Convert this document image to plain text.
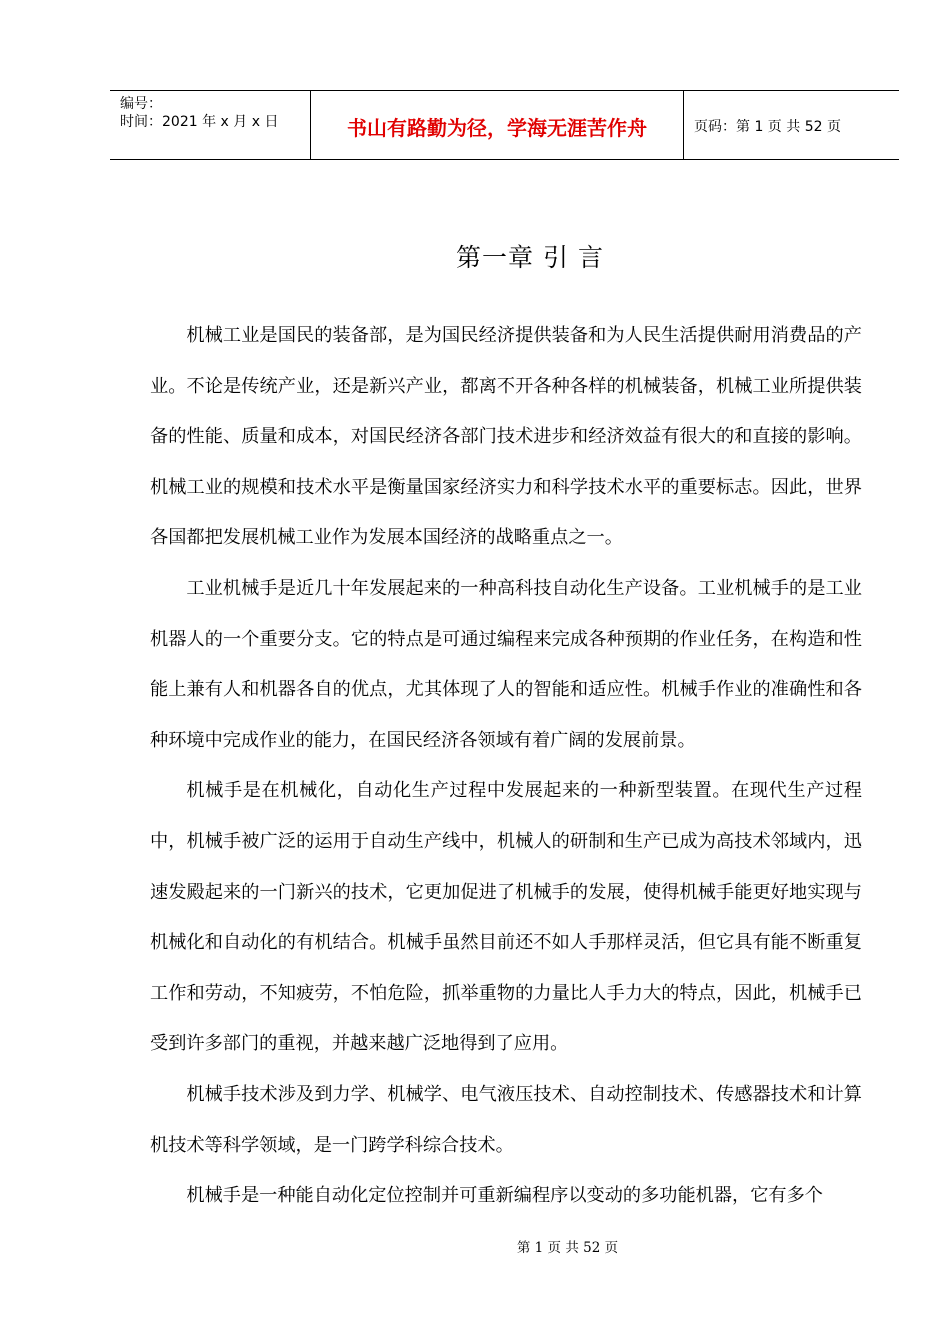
编号：
时间：2021 年 x 月 x 日	书山有路勤为径，学海无涯苦作舟	页码：第 1 页 共 52 页
第一章 引 言

机械工业是国民的装备部，是为国民经济提供装备和为人民生活提供耐用消费品的产业。不论是传统产业，还是新兴产业，都离不开各种各样的机械装备，机械工业所提供装备的性能、质量和成本，对国民经济各部门技术进步和经济效益有很大的和直接的影响。机械工业的规模和技术水平是衡量国家经济实力和科学技术水平的重要标志。因此，世界各国都把发展机械工业作为发展本国经济的战略重点之一。

工业机械手是近几十年发展起来的一种高科技自动化生产设备。工业机械手的是工业机器人的一个重要分支。它的特点是可通过编程来完成各种预期的作业任务，在构造和性能上兼有人和机器各自的优点，尤其体现了人的智能和适应性。机械手作业的准确性和各种环境中完成作业的能力，在国民经济各领域有着广阔的发展前景。

机械手是在机械化，自动化生产过程中发展起来的一种新型装置。在现代生产过程中，机械手被广泛的运用于自动生产线中，机械人的研制和生产已成为高技术邻域内，迅速发殿起来的一门新兴的技术，它更加促进了机械手的发展，使得机械手能更好地实现与机械化和自动化的有机结合。机械手虽然目前还不如人手那样灵活，但它具有能不断重复工作和劳动，不知疲劳，不怕危险，抓举重物的力量比人手力大的特点，因此，机械手已受到许多部门的重视，并越来越广泛地得到了应用。

机械手技术涉及到力学、机械学、电气液压技术、自动控制技术、传感器技术和计算机技术等科学领域，是一门跨学科综合技术。

机械手是一种能自动化定位控制并可重新编程序以变动的多功能机器，它有多个

第 1 页 共 52 页
